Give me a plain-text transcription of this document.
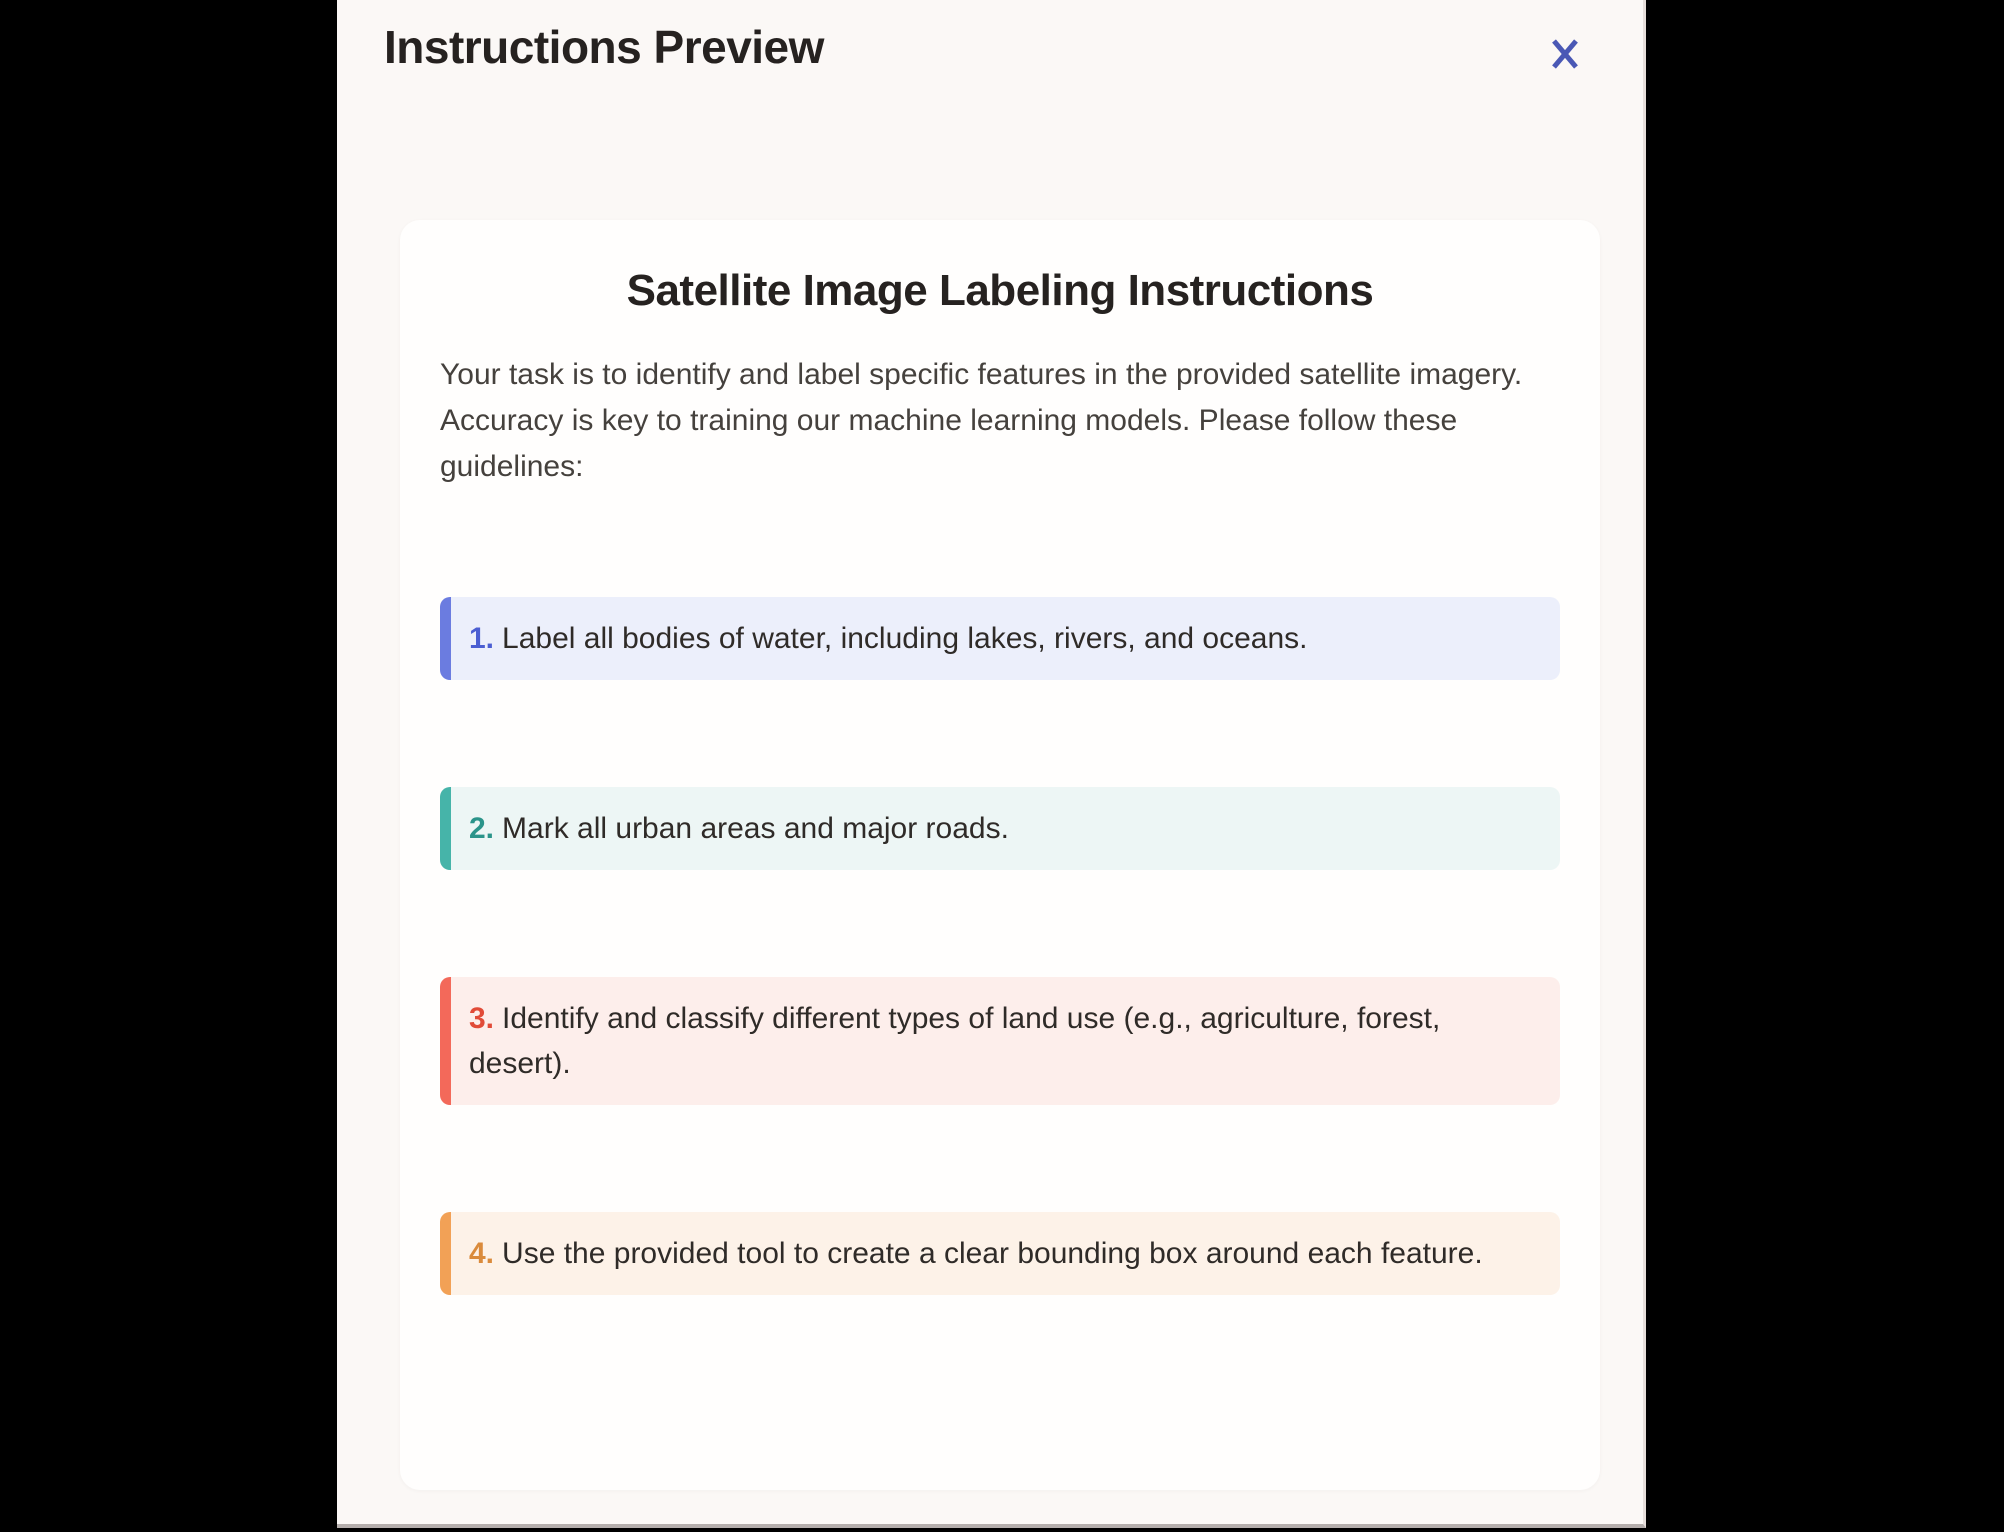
Instructions Preview
Satellite Image Labeling Instructions

Your task is to identify and label specific features in the provided satellite imagery. Accuracy is key to training our machine learning models. Please follow these guidelines:

1. Label all bodies of water, including lakes, rivers, and oceans.
2. Mark all urban areas and major roads.
3. Identify and classify different types of land use (e.g., agriculture, forest, desert).
4. Use the provided tool to create a clear bounding box around each feature.
